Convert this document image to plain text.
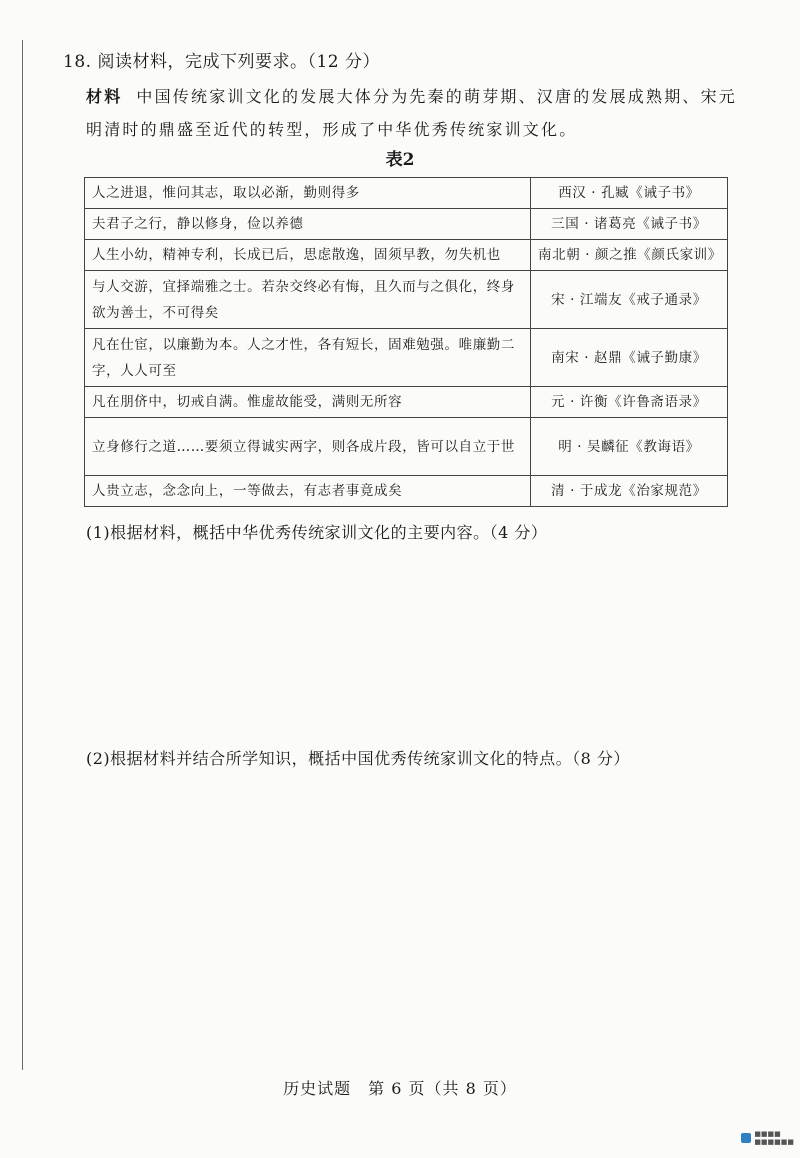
18. 阅读材料，完成下列要求。（12 分）
材料 中国传统家训文化的发展大体分为先秦的萌芽期、汉唐的发展成熟期、宋元明清时的鼎盛至近代的转型，形成了中华优秀传统家训文化。
表2
人之进退，惟问其志，取以必渐，勤则得多	西汉 · 孔臧《诫子书》
夫君子之行，静以修身，俭以养德	三国 · 诸葛亮《诫子书》
人生小幼，精神专利，长成已后，思虑散逸，固须早教，勿失机也	南北朝 · 颜之推《颜氏家训》
与人交游，宜择端雅之士。若杂交终必有悔，且久而与之俱化，终身欲为善士，不可得矣	宋 · 江端友《戒子通录》
凡在仕宦，以廉勤为本。人之才性，各有短长，固难勉强。唯廉勤二字，人人可至	南宋 · 赵鼎《诫子勤康》
凡在朋侪中，切戒自满。惟虚故能受，满则无所容	元 · 许衡《许鲁斋语录》
立身修行之道……要须立得诚实两字，则各成片段，皆可以自立于世	明 · 吴麟征《教诲语》
人贵立志，念念向上，一等做去，有志者事竟成矣	清 · 于成龙《治家规范》
(1)根据材料，概括中华优秀传统家训文化的主要内容。（4 分）
(2)根据材料并结合所学知识，概括中国优秀传统家训文化的特点。（8 分）
历史试题　第 6 页（共 8 页）
■■■■
■■■■■■
